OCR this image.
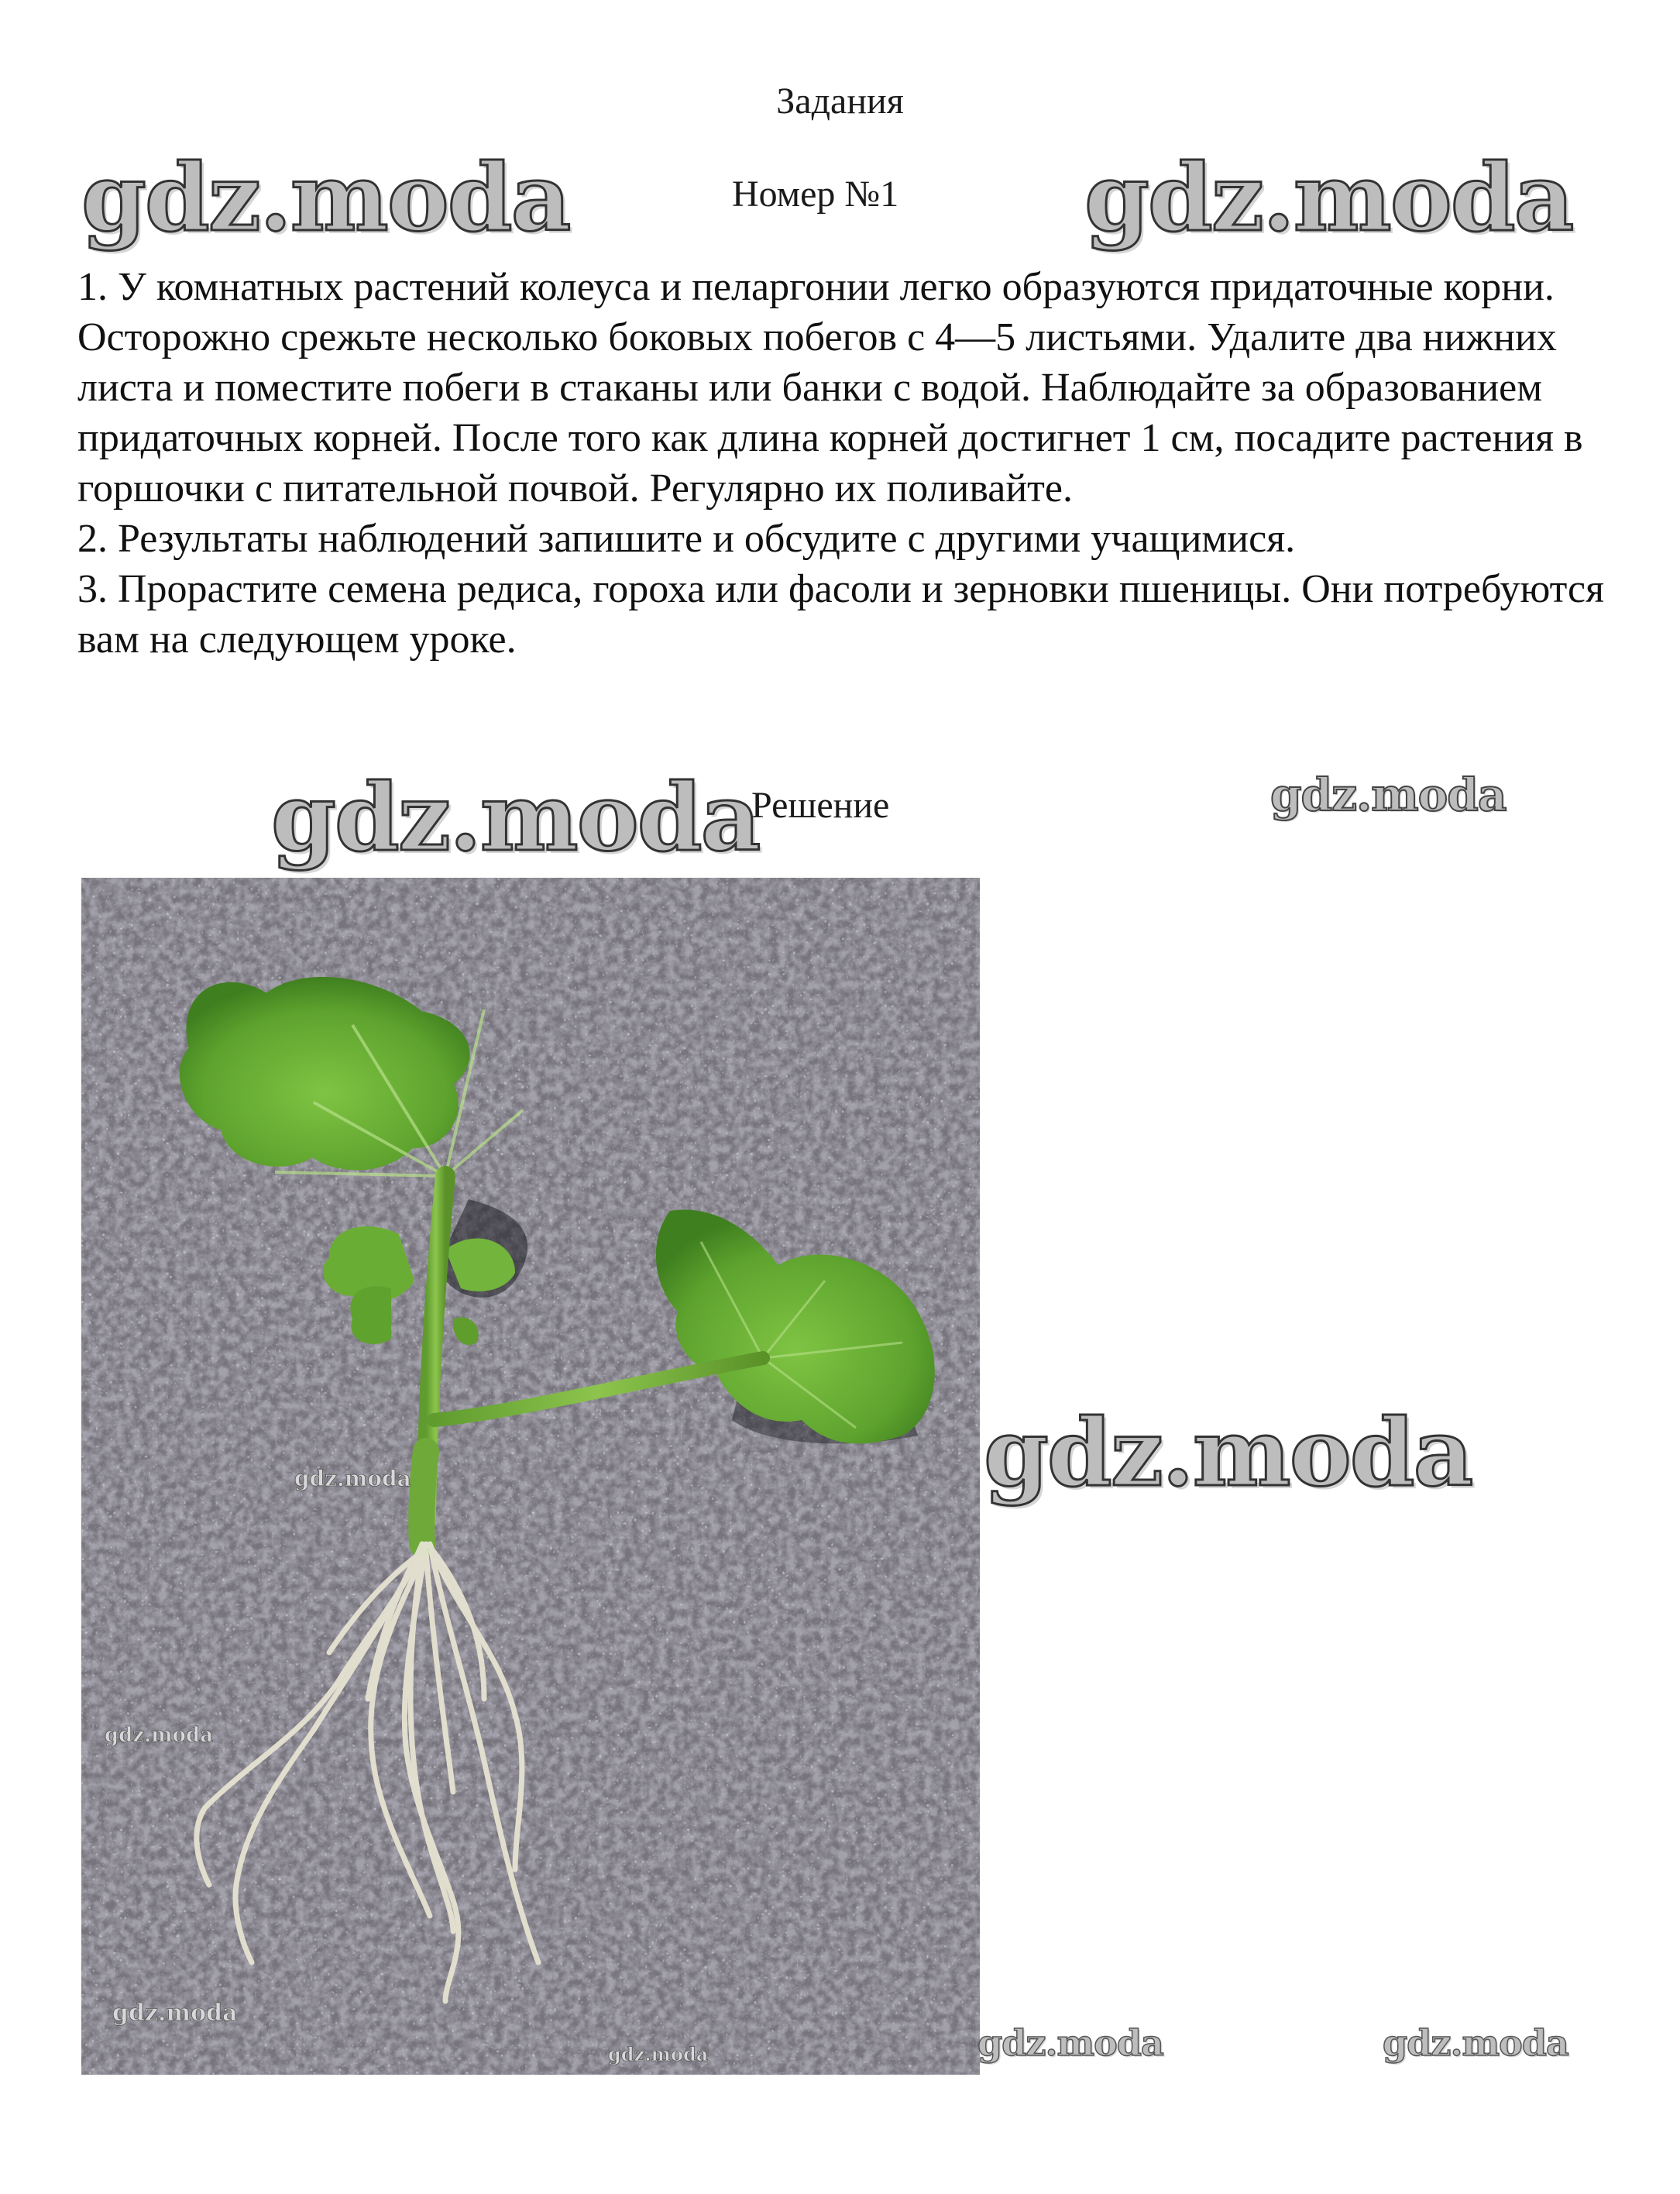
Задания
Номер №1
gdz.moda	gdz.moda

1. У комнатных растений колеуса и пеларгонии легко образуются придаточные корни. Осторожно срежьте несколько боковых побегов с 4—5 листьями. Удалите два нижних листа и поместите побеги в стаканы или банки с водой. Наблюдайте за образованием придаточных корней. После того как длина корней достигнет 1 см, посадите растения в горшочки с питательной почвой. Регулярно их поливайте.

2. Результаты наблюдений запишите и обсудите с другими учащимися.

3. Прорастите семена редиса, гороха или фасоли и зерновки пшеницы. Они потребуются вам на следующем уроке.

gdz.moda
Решение	gdz.moda
gdz.moda
gdz.moda
gdz.moda
gdz.moda
gdz.moda
gdz.moda	gdz.moda
